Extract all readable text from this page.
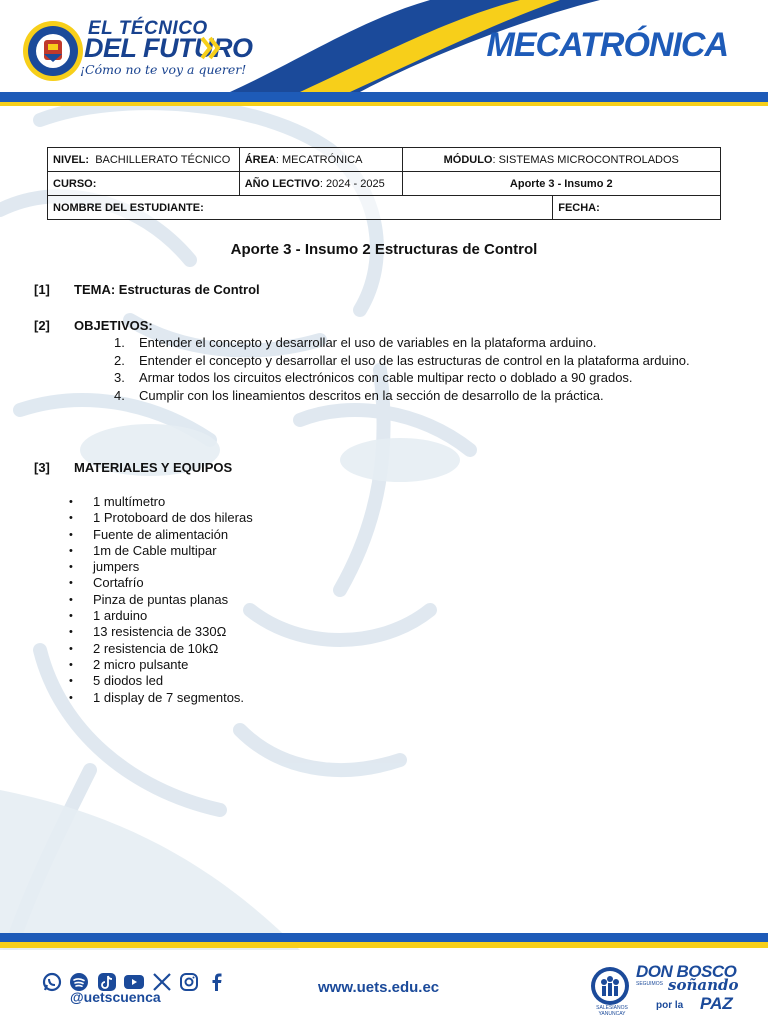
EL TÉCNICO
DEL FUTURO
¡Cómo no te voy a querer!
MECATRÓNICA
NIVEL: BACHILLERATO TÉCNICO	ÁREA: MECATRÓNICA	MÓDULO: SISTEMAS MICROCONTROLADOS	
CURSO:	AÑO LECTIVO: 2024 - 2025	Aporte 3 - Insumo 2	
NOMBRE DEL ESTUDIANTE:			FECHA:
Aporte 3 - Insumo 2 Estructuras de Control
[1] TEMA: Estructuras de Control
[2] OBJETIVOS:
1. Entender el concepto y desarrollar el uso de variables en la plataforma arduino.
2. Entender el concepto y desarrollar el uso de las estructuras de control en la plataforma arduino.
3. Armar todos los circuitos electrónicos con cable multipar recto o doblado a 90 grados.
4. Cumplir con los lineamientos descritos en la sección de desarrollo de la práctica.
[3] MATERIALES Y EQUIPOS
• 1 multímetro
• 1 Protoboard de dos hileras
• Fuente de alimentación
• 1m de Cable multipar
• jumpers
• Cortafrío
• Pinza de puntas planas
• 1 arduino
• 13 resistencia de 330Ω
• 2 resistencia de 10kΩ
• 2 micro pulsante
• 5 diodos led
• 1 display de 7 segmentos.

@uetscuenca
www.uets.edu.ec
SALESIANOS YANUNCAY
DON BOSCO
SEGUIMOS soñando
por la PAZ
